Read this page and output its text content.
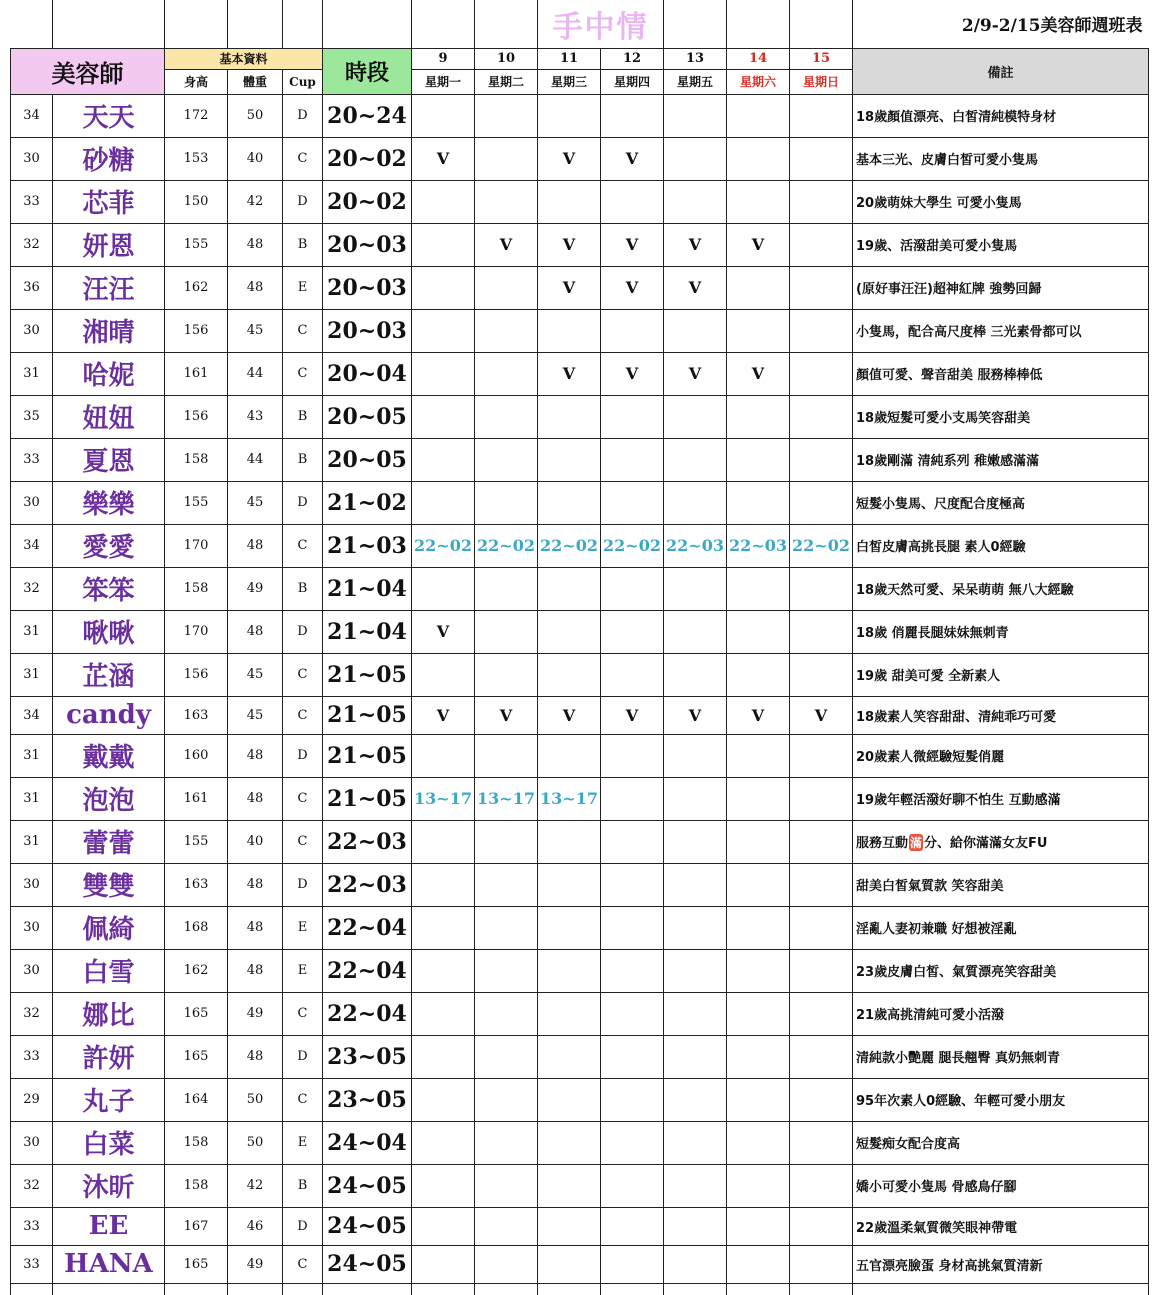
								手中情					2/9-2/15美容師週班表
美容師		基本資料			時段	9	10	11	12	13	14	15	備註
		身高	體重	Cup		星期一	星期二	星期三	星期四	星期五	星期六	星期日	
34	天天	172	50	D	20~24								18歲顏值漂亮、白皙清純模特身材
30	砂糖	153	40	C	20~02	V		V	V				基本三光、皮膚白皙可愛小隻馬
33	芯菲	150	42	D	20~02								20歲萌妹大學生 可愛小隻馬
32	妍恩	155	48	B	20~03		V	V	V	V	V		19歲、活潑甜美可愛小隻馬
36	汪汪	162	48	E	20~03			V	V	V			(原好事汪汪)超神紅牌 強勢回歸
30	湘晴	156	45	C	20~03								小隻馬，配合高尺度棒 三光素骨都可以
31	哈妮	161	44	C	20~04			V	V	V	V		顏值可愛、聲音甜美 服務棒棒低
35	妞妞	156	43	B	20~05								18歲短髮可愛小支馬笑容甜美
33	夏恩	158	44	B	20~05								18歲剛滿 清純系列 稚嫩感滿滿
30	樂樂	155	45	D	21~02								短髮小隻馬、尺度配合度極高
34	愛愛	170	48	C	21~03	22~02	22~02	22~02	22~02	22~03	22~03	22~02	白皙皮膚高挑長腿 素人0經驗
32	笨笨	158	49	B	21~04								18歲天然可愛、呆呆萌萌 無八大經驗
31	啾啾	170	48	D	21~04	V							18歲 俏麗長腿妹妹無刺青
31	芷涵	156	45	C	21~05								19歲 甜美可愛 全新素人
34	candy	163	45	C	21~05	V	V	V	V	V	V	V	18歲素人笑容甜甜、清純乖巧可愛
31	戴戴	160	48	D	21~05								20歲素人微經驗短髮俏麗
31	泡泡	161	48	C	21~05	13~17	13~17	13~17					19歲年輕活潑好聊不怕生 互動感滿
31	蕾蕾	155	40	C	22~03								服務互動 滿 分、給你滿滿女友FU
30	雙雙	163	48	D	22~03								甜美白皙氣質款 笑容甜美
30	佩綺	168	48	E	22~04								淫亂人妻初兼職 好想被淫亂
30	白雪	162	48	E	22~04								23歲皮膚白皙、氣質漂亮笑容甜美
32	娜比	165	49	C	22~04								21歲高挑清純可愛小活潑
33	許妍	165	48	D	23~05								清純款小艷麗 腿長翹臀 真奶無刺青
29	丸子	164	50	C	23~05								95年次素人0經驗、年輕可愛小朋友
30	白菜	158	50	E	24~04								短髮痴女配合度高
32	沐昕	158	42	B	24~05								嬌小可愛小隻馬 骨感鳥仔腳
33	EE	167	46	D	24~05								22歲溫柔氣質微笑眼神帶電
33	HANA	165	49	C	24~05								五官漂亮臉蛋 身材高挑氣質清新
